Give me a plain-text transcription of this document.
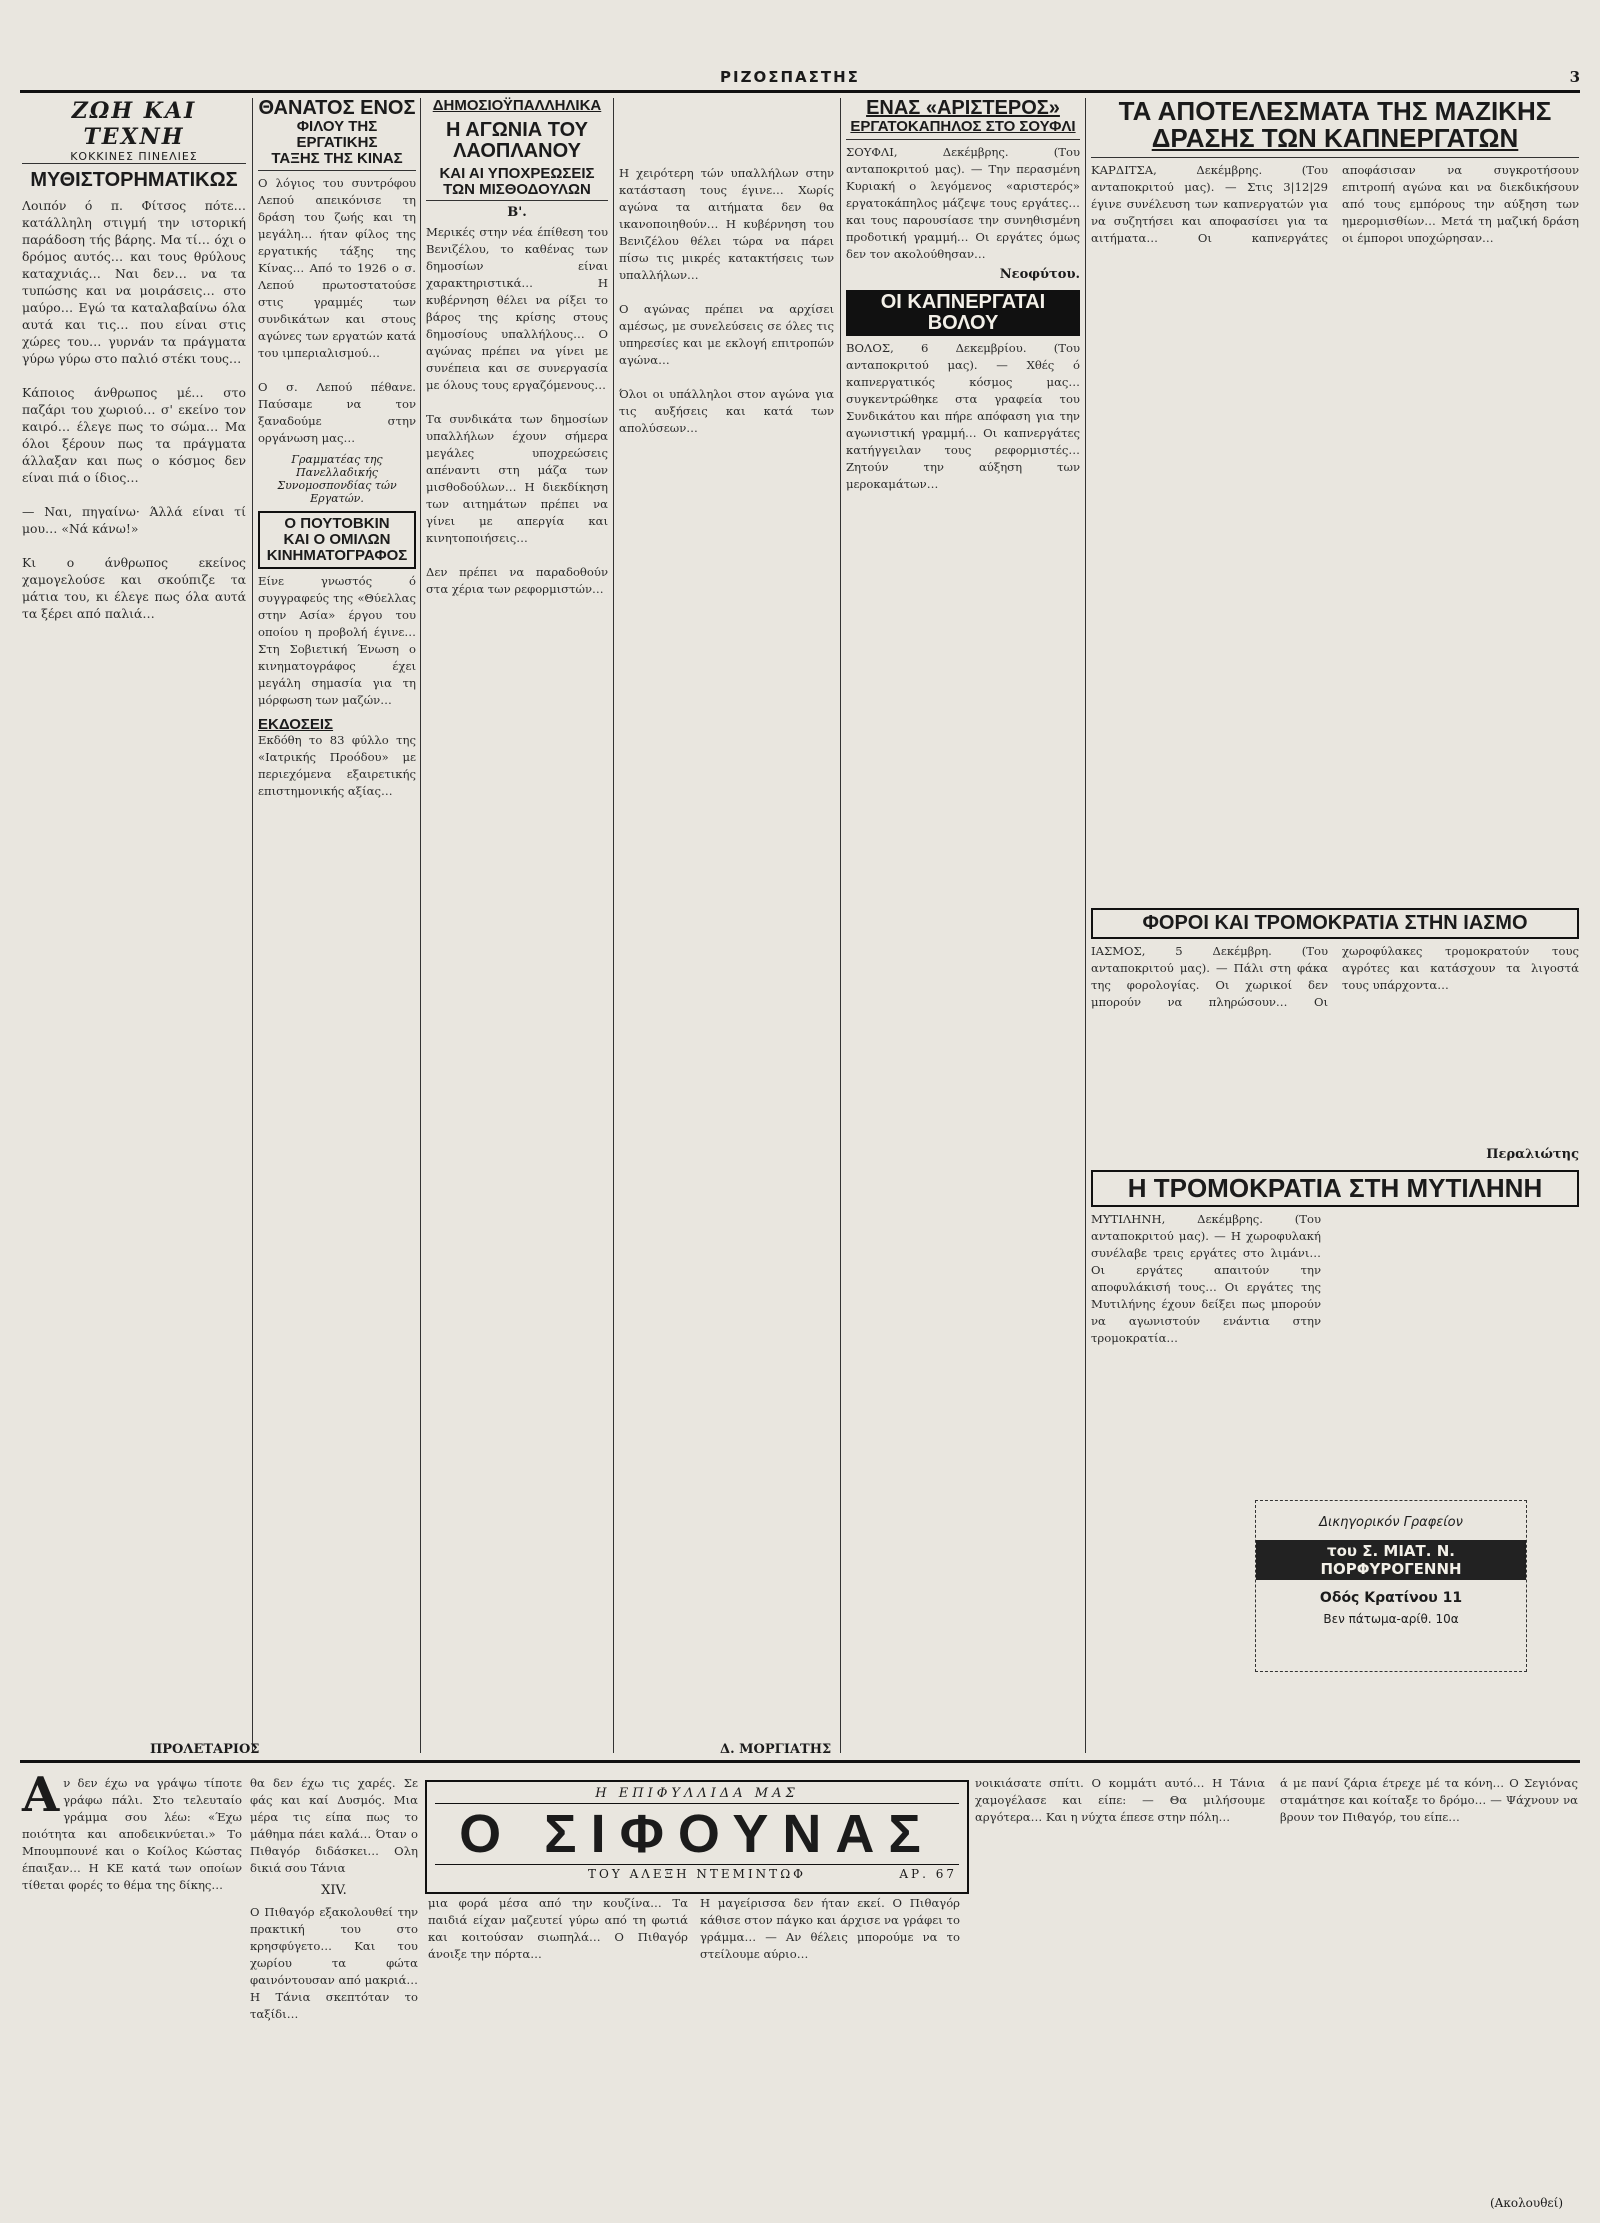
ΡΙΖΟΣΠΑΣΤΗΣ	3
ΖΩΗ ΚΑΙ ΤΕΧΝΗ
ΚΟΚΚΙΝΕΣ ΠΙΝΕΛΙΕΣ
ΜΥΘΙΣΤΟΡΗΜΑΤΙΚΩΣ

Λοιπόν ό π. Φίτσος πότε… κατάλληλη στιγμή την ιστορική παράδοση τής βάρης. Μα τί… όχι ο δρόμος αυτός… και τους θρύλους καταχνιάς… Ναι δεν… να τα τυπώσης και να μοιράσεις… στο μαύρο… Εγώ τα καταλαβαίνω όλα αυτά και τις… που είναι στις χώρες του… γυρνάν τα πράγματα γύρω γύρω στο παλιό στέκι τους…

Κάποιος άνθρωπος μέ… στο παζάρι του χωριού… σ' εκείνο τον καιρό… έλεγε πως το σώμα… Μα όλοι ξέρουν πως τα πράγματα άλλαξαν και πως ο κόσμος δεν είναι πιά ο ίδιος…

— Ναι, πηγαίνω· Άλλά είναι τί μου… «Νά κάνω!»

Κι ο άνθρωπος εκείνος χαμογελούσε και σκούπιζε τα μάτια του, κι έλεγε πως όλα αυτά τα ξέρει από παλιά…

ΠΡΟΛΕΤΑΡΙΟΣ
ΘΑΝΑΤΟΣ ΕΝΟΣ
ΦΙΛΟΥ ΤΗΣ ΕΡΓΑΤΙΚΗΣ
ΤΑΞΗΣ ΤΗΣ ΚΙΝΑΣ

Ο λόγιος του συντρόφου Λεπού απεικόνισε τη δράση του ζωής και τη μεγάλη… ήταν φίλος της εργατικής τάξης της Κίνας… Από το 1926 ο σ. Λεπού πρωτοστατούσε στις γραμμές των συνδικάτων και στους αγώνες των εργατών κατά του ιμπεριαλισμού…

Ο σ. Λεπού πέθανε. Παύσαμε να τον ξαναδούμε στην οργάνωση μας…

Γραμματέας της Πανελλαδικής Συνομοσπονδίας τών Εργατών.
Ο ΠΟΥΤΟΒΚΙΝ
ΚΑΙ Ο ΟΜΙΛΩΝ ΚΙΝΗΜΑΤΟΓΡΑΦΟΣ

Είνε γνωστός ό συγγραφεύς της «Θύελλας στην Ασία» έργου του οποίου η προβολή έγινε… Στη Σοβιετική Ένωση ο κινηματογράφος έχει μεγάλη σημασία για τη μόρφωση των μαζών…

ΕΚΔΟΣΕΙΣ

Εκδόθη το 83 φύλλο της «Ιατρικής Προόδου» με περιεχόμενα εξαιρετικής επιστημονικής αξίας…

ΔΗΜΟΣΙΟΫΠΑΛΛΗΛΙΚΑ
Η ΑΓΩΝΙΑ ΤΟΥ ΛΑΟΠΛΑΝΟΥ
ΚΑΙ ΑΙ ΥΠΟΧΡΕΩΣΕΙΣ ΤΩΝ ΜΙΣΘΟΔΟΥΛΩΝ
Β'.

Μερικές στην νέα έπίθεση του Βενιζέλου, το καθένας των δημοσίων είναι χαρακτηριστικά… Η κυβέρνηση θέλει να ρίξει το βάρος της κρίσης στους δημοσίους υπαλλήλους… Ο αγώνας πρέπει να γίνει με συνέπεια και σε συνεργασία με όλους τους εργαζόμενους…

Τα συνδικάτα των δημοσίων υπαλλήλων έχουν σήμερα μεγάλες υποχρεώσεις απέναντι στη μάζα των μισθοδούλων… Η διεκδίκηση των αιτημάτων πρέπει να γίνει με απεργία και κινητοποιήσεις…

Δεν πρέπει να παραδοθούν στα χέρια των ρεφορμιστών…

Η χειρότερη τών υπαλλήλων στην κατάσταση τους έγινε… Χωρίς αγώνα τα αιτήματα δεν θα ικανοποιηθούν… Η κυβέρνηση του Βενιζέλου θέλει τώρα να πάρει πίσω τις μικρές κατακτήσεις των υπαλλήλων…

Ο αγώνας πρέπει να αρχίσει αμέσως, με συνελεύσεις σε όλες τις υπηρεσίες και με εκλογή επιτροπών αγώνα…

Όλοι οι υπάλληλοι στον αγώνα για τις αυξήσεις και κατά των απολύσεων…

Δ. ΜΟΡΓΙΑΤΗΣ
ΕΝΑΣ «ΑΡΙΣΤΕΡΟΣ»
ΕΡΓΑΤΟΚΑΠΗΛΟΣ ΣΤΟ ΣΟΥΦΛΙ

ΣΟΥΦΛΙ, Δεκέμβρης. (Του ανταποκριτού μας). — Την περασμένη Κυριακή ο λεγόμενος «αριστερός» εργατοκάπηλος μάζεψε τους εργάτες… και τους παρουσίασε την συνηθισμένη προδοτική γραμμή… Οι εργάτες όμως δεν τον ακολούθησαν…

Νεοφύτου.
ΟΙ ΚΑΠΝΕΡΓΑΤΑΙ ΒΟΛΟΥ

ΒΟΛΟΣ, 6 Δεκεμβρίου. (Του ανταποκριτού μας). — Χθές ό καπνεργατικός κόσμος μας… συγκεντρώθηκε στα γραφεία του Συνδικάτου και πήρε απόφαση για την αγωνιστική γραμμή… Οι καπνεργάτες κατήγγειλαν τους ρεφορμιστές… Ζητούν την αύξηση των μεροκαμάτων…

ΤΑ ΑΠΟΤΕΛΕΣΜΑΤΑ ΤΗΣ ΜΑΖΙΚΗΣ
ΔΡΑΣΗΣ ΤΩΝ ΚΑΠΝΕΡΓΑΤΩΝ

ΚΑΡΔΙΤΣΑ, Δεκέμβρης. (Του ανταποκριτού μας). — Στις 3|12|29 έγινε συνέλευση των καπνεργατών για να συζητήσει και αποφασίσει για τα αιτήματα… Οι καπνεργάτες αποφάσισαν να συγκροτήσουν επιτροπή αγώνα και να διεκδικήσουν από τους εμπόρους την αύξηση των ημερομισθίων… Μετά τη μαζική δράση οι έμποροι υποχώρησαν…

ΦΟΡΟΙ ΚΑΙ ΤΡΟΜΟΚΡΑΤΙΑ ΣΤΗΝ ΙΑΣΜΟ

ΙΑΣΜΟΣ, 5 Δεκέμβρη. (Του ανταποκριτού μας). — Πάλι στη φάκα της φορολογίας. Οι χωρικοί δεν μπορούν να πληρώσουν… Οι χωροφύλακες τρομοκρατούν τους αγρότες και κατάσχουν τα λιγοστά τους υπάρχοντα…

Περαλιώτης
Η ΤΡΟΜΟΚΡΑΤΙΑ ΣΤΗ ΜΥΤΙΛΗΝΗ

ΜΥΤΙΛΗΝΗ, Δεκέμβρης. (Του ανταποκριτού μας). — Η χωροφυλακή συνέλαβε τρεις εργάτες στο λιμάνι… Οι εργάτες απαιτούν την αποφυλάκισή τους… Οι εργάτες της Μυτιλήνης έχουν δείξει πως μπορούν να αγωνιστούν ενάντια στην τρομοκρατία…

Δικηγορικόν Γραφείον
του Σ. ΜΙΑΤ. Ν. ΠΟΡΦΥΡΟΓΕΝΝΗ
Οδός Κρατίνου 11
Βεν πάτωμα-αρίθ. 10α
Α ν δεν έχω να γράψω τίποτε γράφω πάλι. Στο τελευταίο γράμμα σου λέω: «Έχω ποιότητα και αποδεικνύεται.» Το Μπουμπουνέ και ο Κοίλος Κώστας έπαιξαν… Η ΚΕ κατά των οποίων τίθεται φορές το θέμα της δίκης…

θα δεν έχω τις χαρές. Σε φάς και καί Δυσμός. Μια μέρα τις είπα πως το μάθημα πάει καλά… Όταν ο Πιθαγόρ διδάσκει… Ολη δικιά σου Τάνια

XIV.

Ο Πιθαγόρ εξακολουθεί την πρακτική του στο κρησφύγετο… Και του χωρίου τα φώτα φαινόντουσαν από μακριά… Η Τάνια σκεπτόταν το ταξίδι…

Η ΕΠΙΦΥΛΛΙΔΑ ΜΑΣ
Ο ΣΙΦΟΥΝΑΣ
ΤΟΥ ΑΛΕΞΗ ΝΤΕΜΙΝΤΩΦ	ΑΡ. 67

μια φορά μέσα από την κουζίνα… Τα παιδιά είχαν μαζευτεί γύρω από τη φωτιά και κοιτούσαν σιωπηλά… Ο Πιθαγόρ άνοιξε την πόρτα…

Η μαγείρισσα δεν ήταν εκεί. Ο Πιθαγόρ κάθισε στον πάγκο και άρχισε να γράφει το γράμμα… — Αν θέλεις μπορούμε να το στείλουμε αύριο…

νοικιάσατε σπίτι. Ο κομμάτι αυτό… Η Τάνια χαμογέλασε και είπε: — Θα μιλήσουμε αργότερα… Και η νύχτα έπεσε στην πόλη…

ά με πανί ζάρια έτρεχε μέ τα κόνη… Ο Σεγιόνας σταμάτησε και κοίταξε το δρόμο… — Ψάχνουν να βρουν τον Πιθαγόρ, του είπε…

(Ακολουθεί)
